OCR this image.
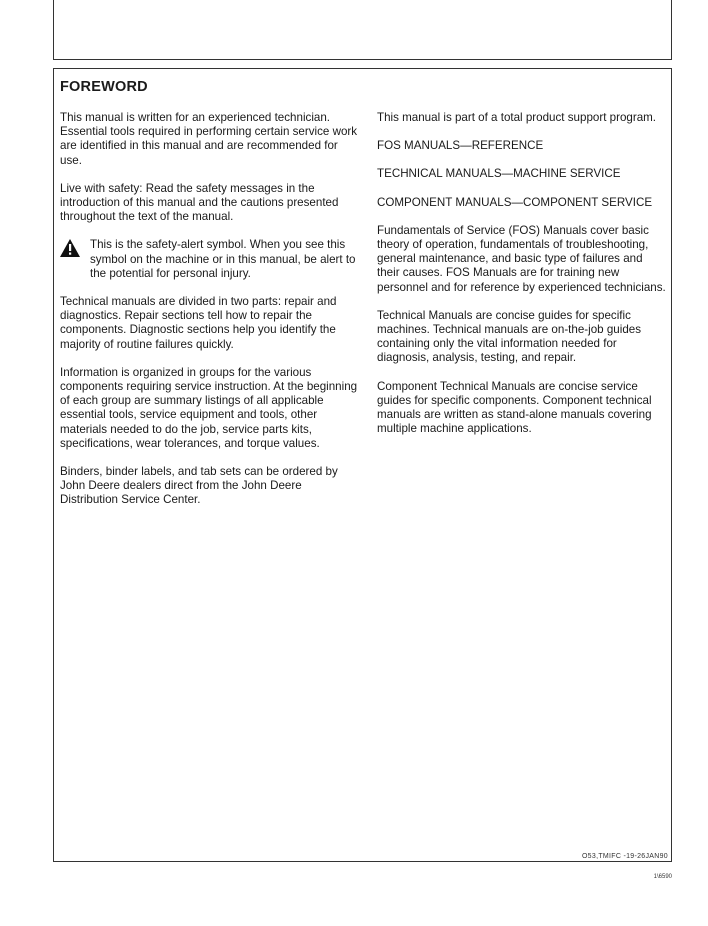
FOREWORD

This manual is written for an experienced technician. Essential tools required in performing certain service work are identified in this manual and are recommended for use.

Live with safety: Read the safety messages in the introduction of this manual and the cautions presented throughout the text of the manual.

This is the safety-alert symbol. When you see this symbol on the machine or in this manual, be alert to the potential for personal injury.

Technical manuals are divided in two parts: repair and diagnostics. Repair sections tell how to repair the components. Diagnostic sections help you identify the majority of routine failures quickly.

Information is organized in groups for the various components requiring service instruction. At the beginning of each group are summary listings of all applicable essential tools, service equipment and tools, other materials needed to do the job, service parts kits, specifications, wear tolerances, and torque values.

Binders, binder labels, and tab sets can be ordered by John Deere dealers direct from the John Deere Distribution Service Center.

This manual is part of a total product support program.

FOS MANUALS—REFERENCE

TECHNICAL MANUALS—MACHINE SERVICE

COMPONENT MANUALS—COMPONENT SERVICE

Fundamentals of Service (FOS) Manuals cover basic theory of operation, fundamentals of troubleshooting, general maintenance, and basic type of failures and their causes. FOS Manuals are for training new personnel and for reference by experienced technicians.

Technical Manuals are concise guides for specific machines. Technical manuals are on-the-job guides containing only the vital information needed for diagnosis, analysis, testing, and repair.

Component Technical Manuals are concise service guides for specific components. Component technical manuals are written as stand-alone manuals covering multiple machine applications.

O53,TMIFC -19-26JAN90
1\6590
